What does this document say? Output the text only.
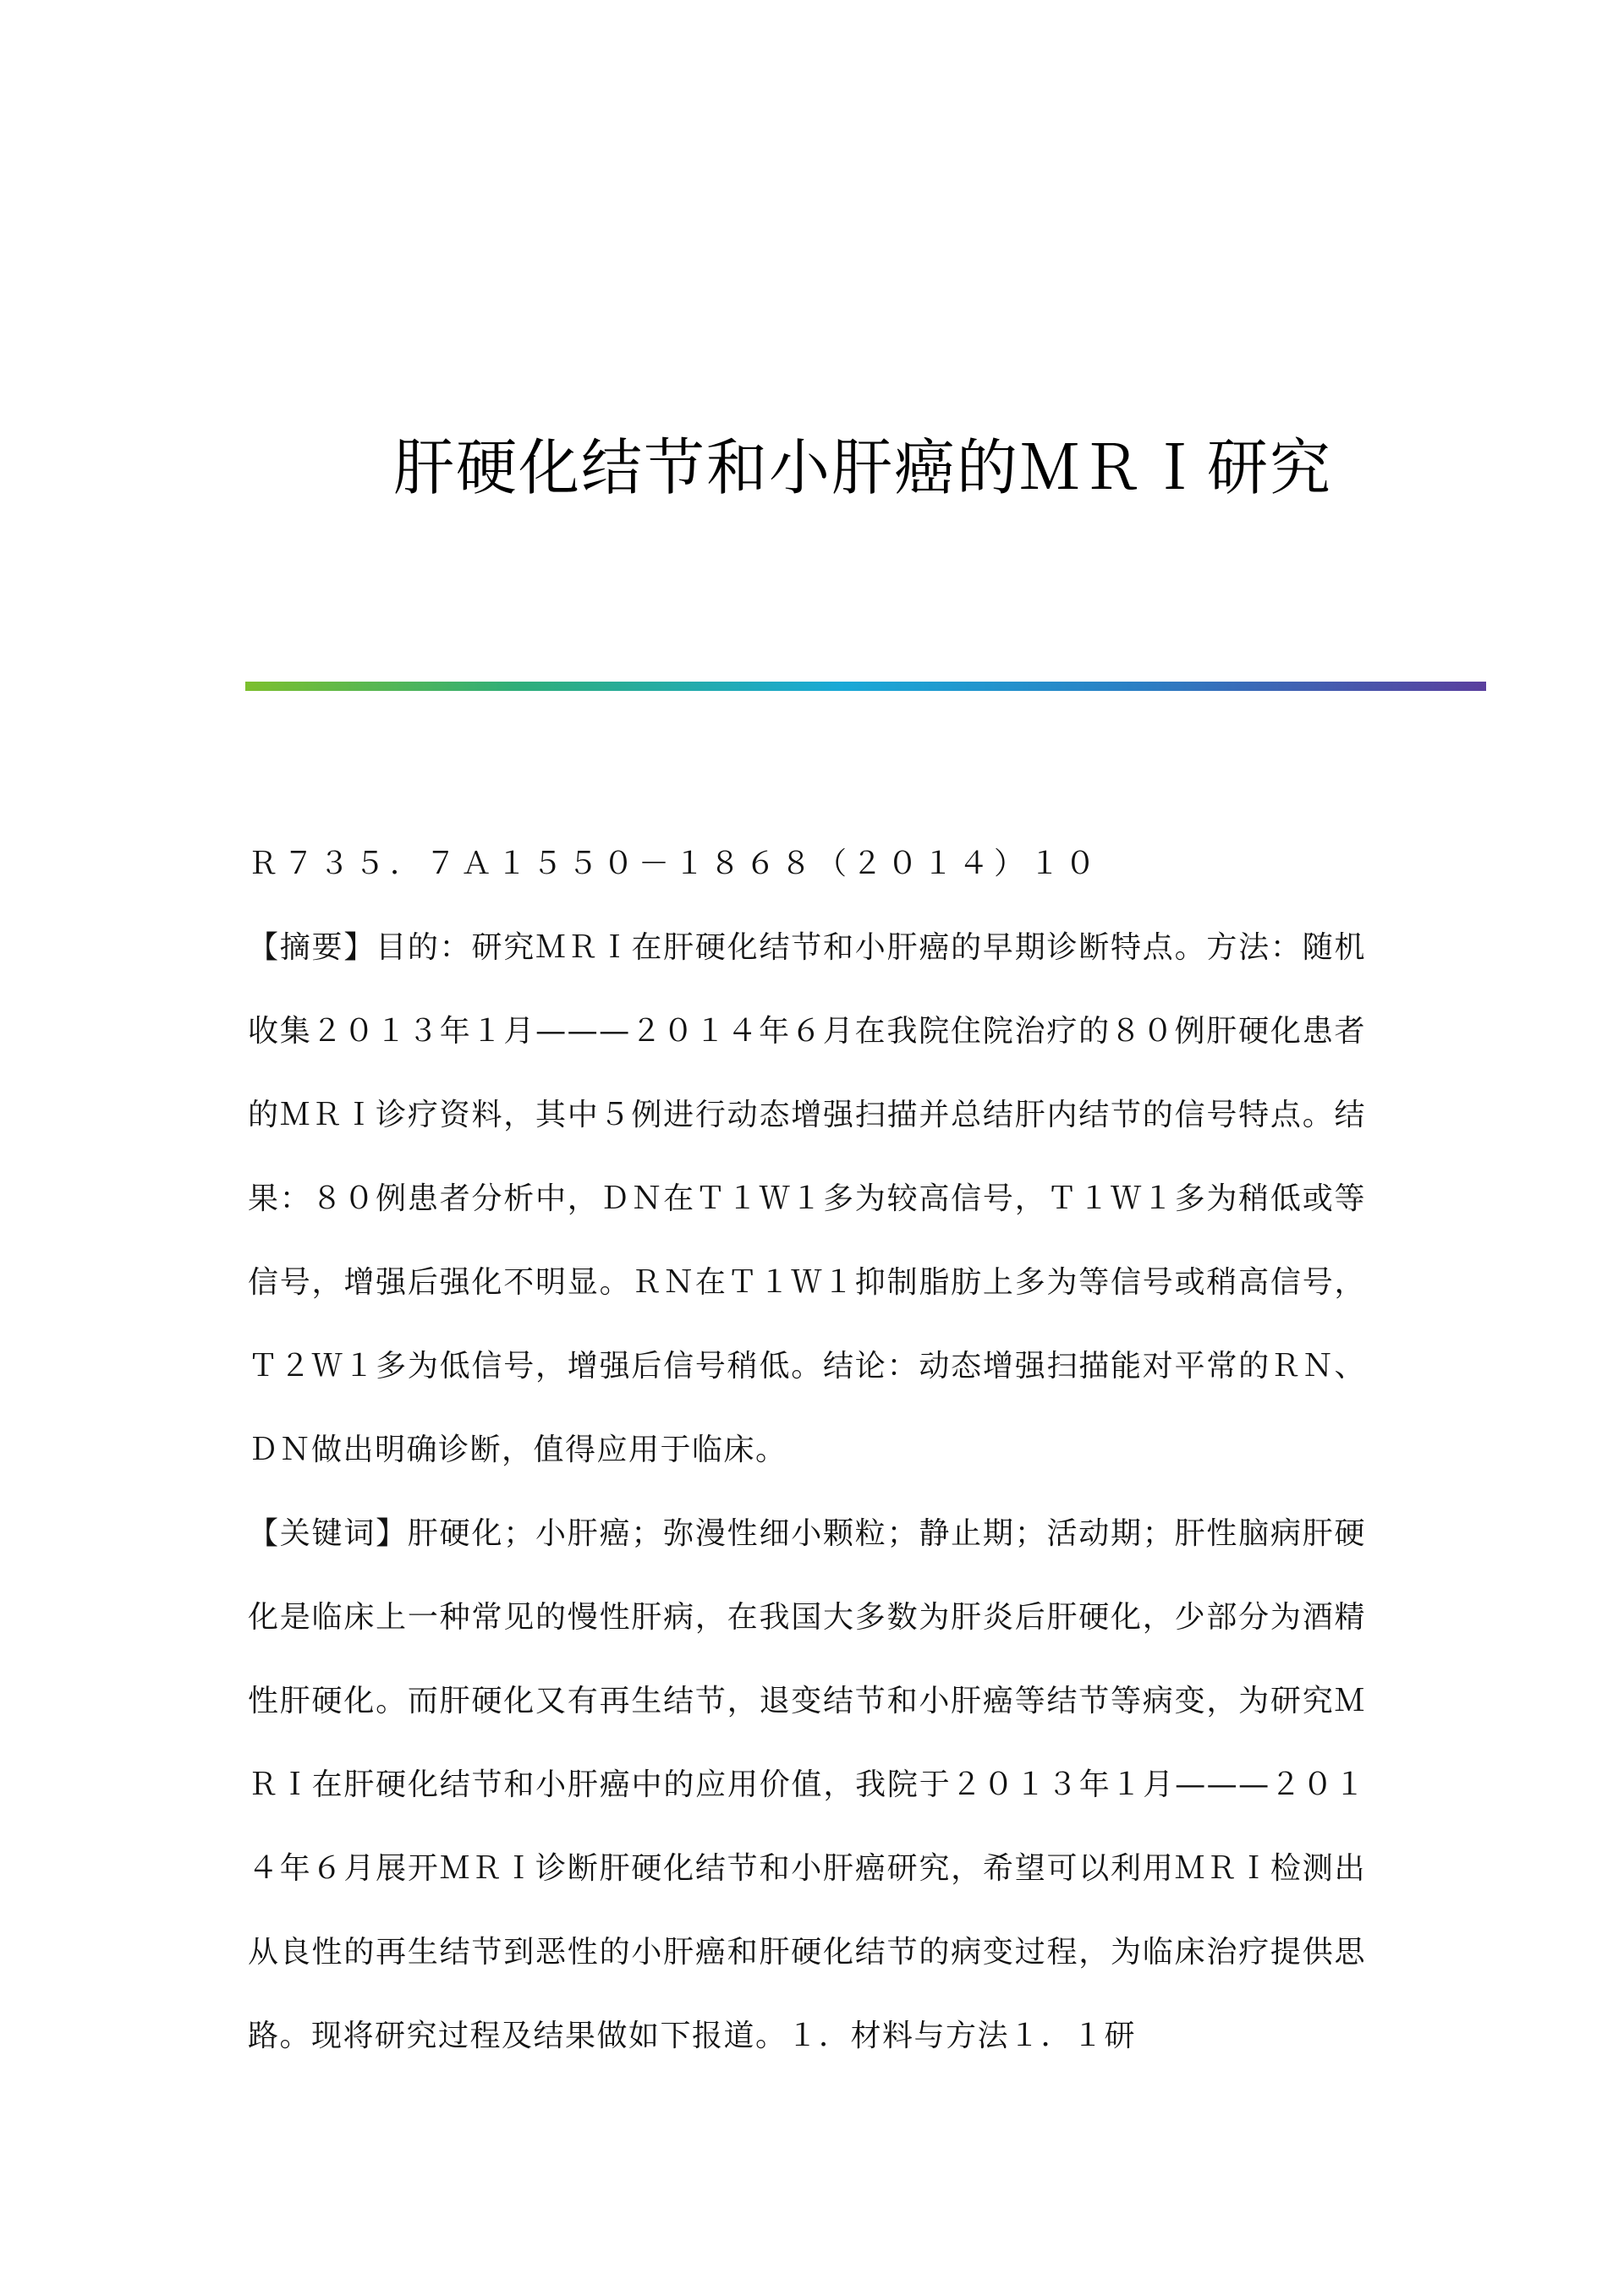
肝硬化结节和小肝癌的ＭＲＩ研究

Ｒ７３５．７Ａ１５５０－１８６８（２０１４）１０

【摘要】目的：研究ＭＲＩ在肝硬化结节和小肝癌的早期诊断特点。方法：随机收集２０１３年１月———２０１４年６月在我院住院治疗的８０例肝硬化患者的ＭＲＩ诊疗资料，其中５例进行动态增强扫描并总结肝内结节的信号特点。结果：８０例患者分析中，ＤＮ在Ｔ１Ｗ１多为较高信号，Ｔ１Ｗ１多为稍低或等信号，增强后强化不明显。ＲＮ在Ｔ１Ｗ１抑制脂肪上多为等信号或稍高信号，Ｔ２Ｗ１多为低信号，增强后信号稍低。结论：动态增强扫描能对平常的ＲＮ、ＤＮ做出明确诊断，值得应用于临床。

【关键词】肝硬化；小肝癌；弥漫性细小颗粒；静止期；活动期；肝性脑病肝硬化是临床上一种常见的慢性肝病，在我国大多数为肝炎后肝硬化，少部分为酒精性肝硬化。而肝硬化又有再生结节，退变结节和小肝癌等结节等病变，为研究ＭＲＩ在肝硬化结节和小肝癌中的应用价值，我院于２０１３年１月———２０１４年６月展开ＭＲＩ诊断肝硬化结节和小肝癌研究，希望可以利用ＭＲＩ检测出从良性的再生结节到恶性的小肝癌和肝硬化结节的病变过程，为临床治疗提供思路。现将研究过程及结果做如下报道。１．材料与方法１．１研
